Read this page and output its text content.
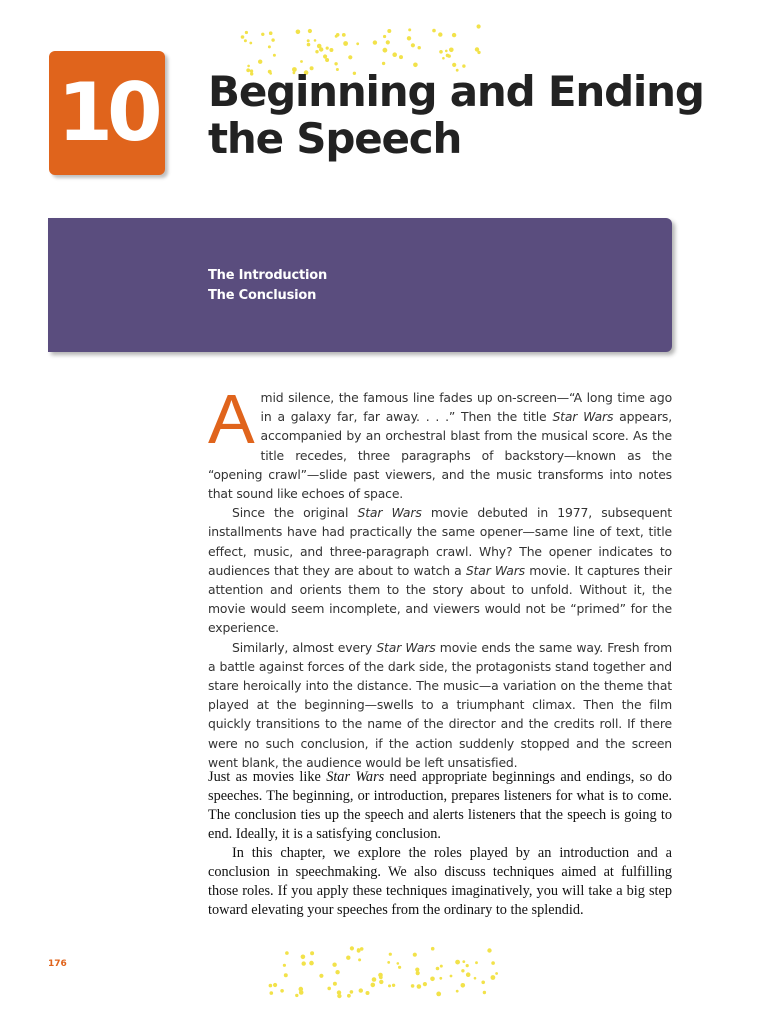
10 Beginning and Ending
the Speech
The Introduction
The Conclusion

Amid silence, the famous line fades up on-screen—“A long time ago in a galaxy far, far away. . . .” Then the title Star Wars appears, accompanied by an orchestral blast from the musical score. As the title recedes, three paragraphs of backstory—known as the “opening crawl”—slide past viewers, and the music transforms into notes that sound like echoes of space.

Since the original Star Wars movie debuted in 1977, subsequent installments have had practically the same opener—same line of text, title effect, music, and three-paragraph crawl. Why? The opener indicates to audiences that they are about to watch a Star Wars movie. It captures their attention and orients them to the story about to unfold. Without it, the movie would seem incomplete, and viewers would not be “primed” for the experience.

Similarly, almost every Star Wars movie ends the same way. Fresh from a battle against forces of the dark side, the protagonists stand together and stare heroically into the distance. The music—a variation on the theme that played at the beginning—swells to a triumphant climax. Then the film quickly transitions to the name of the director and the credits roll. If there were no such conclusion, if the action suddenly stopped and the screen went blank, the audience would be left unsatisfied.

Just as movies like Star Wars need appropriate beginnings and endings, so do speeches. The beginning, or introduction, prepares listeners for what is to come. The conclusion ties up the speech and alerts listeners that the speech is going to end. Ideally, it is a satisfying conclusion.

In this chapter, we explore the roles played by an introduction and a conclusion in speechmaking. We also discuss techniques aimed at fulfilling those roles. If you apply these techniques imaginatively, you will take a big step toward elevating your speeches from the ordinary to the splendid.

176
